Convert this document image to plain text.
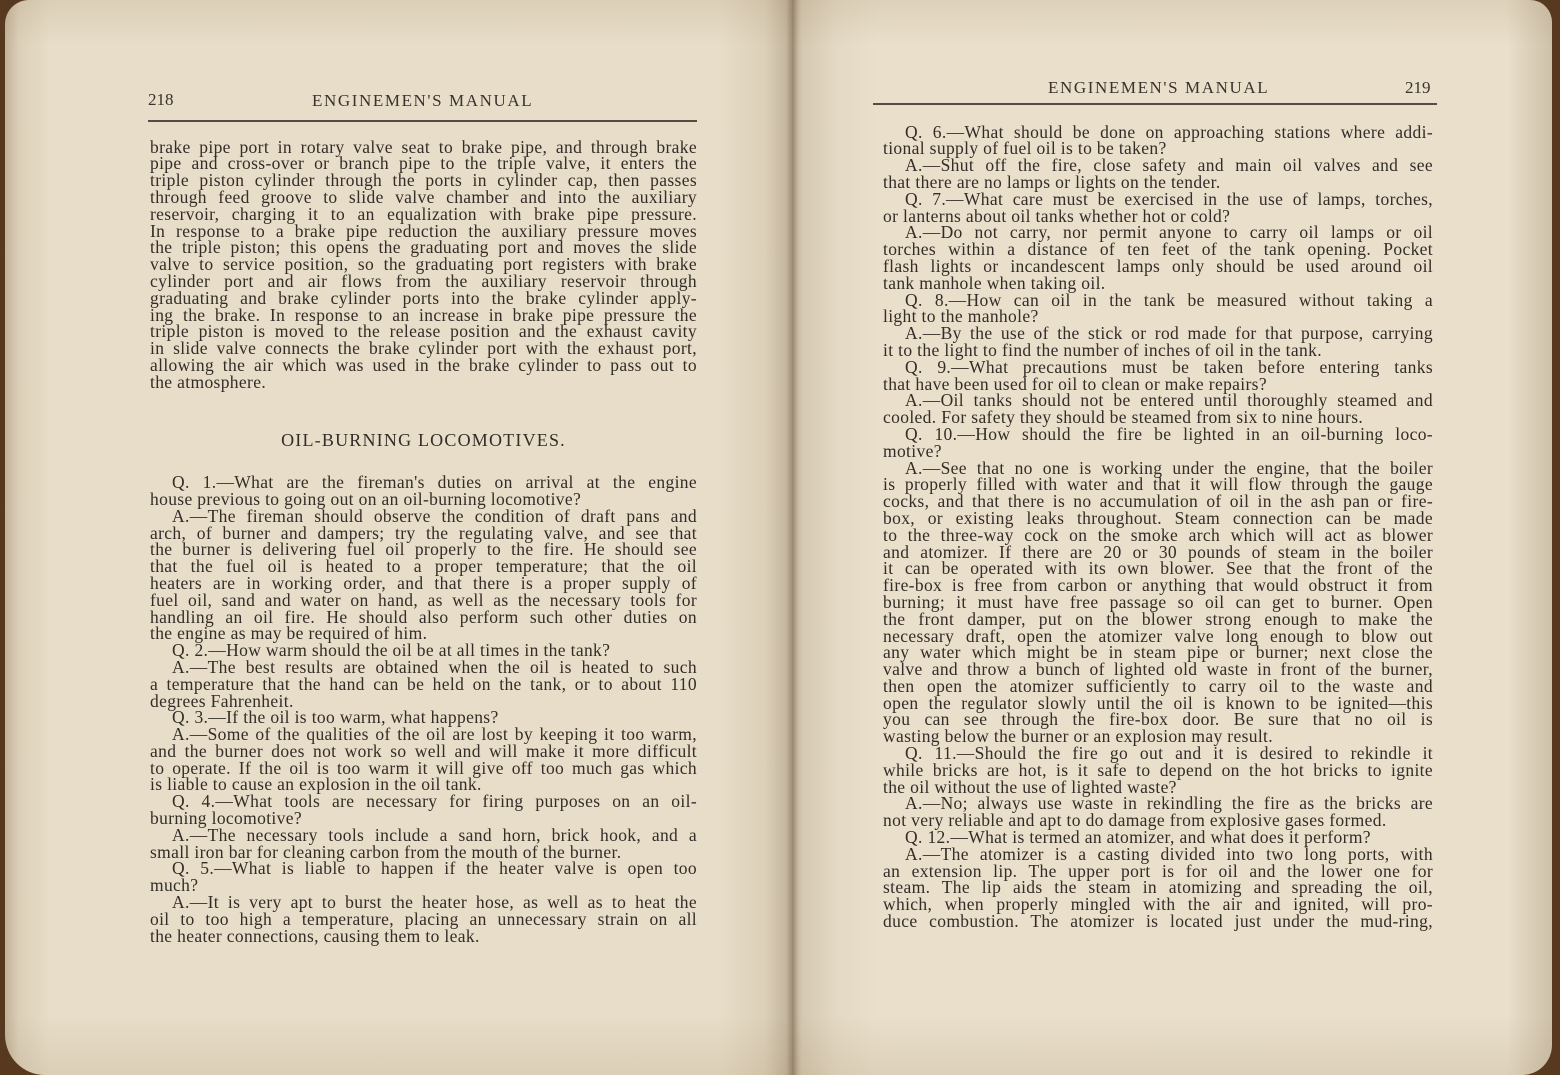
218	ENGINEMEN'S MANUAL
brake pipe port in rotary valve seat to brake pipe, and through brake
pipe and cross-over or branch pipe to the triple valve, it enters the
triple piston cylinder through the ports in cylinder cap, then passes
through feed groove to slide valve chamber and into the auxiliary
reservoir, charging it to an equalization with brake pipe pressure.
In response to a brake pipe reduction the auxiliary pressure moves
the triple piston; this opens the graduating port and moves the slide
valve to service position, so the graduating port registers with brake
cylinder port and air flows from the auxiliary reservoir through
graduating and brake cylinder ports into the brake cylinder apply-
ing the brake. In response to an increase in brake pipe pressure the
triple piston is moved to the release position and the exhaust cavity
in slide valve connects the brake cylinder port with the exhaust port,
allowing the air which was used in the brake cylinder to pass out to
the atmosphere.
OIL-BURNING LOCOMOTIVES.
Q. 1.—What are the fireman's duties on arrival at the engine
house previous to going out on an oil-burning locomotive?
A.—The fireman should observe the condition of draft pans and
arch, of burner and dampers; try the regulating valve, and see that
the burner is delivering fuel oil properly to the fire. He should see
that the fuel oil is heated to a proper temperature; that the oil
heaters are in working order, and that there is a proper supply of
fuel oil, sand and water on hand, as well as the necessary tools for
handling an oil fire. He should also perform such other duties on
the engine as may be required of him.
Q. 2.—How warm should the oil be at all times in the tank?
A.—The best results are obtained when the oil is heated to such
a temperature that the hand can be held on the tank, or to about 110
degrees Fahrenheit.
Q. 3.—If the oil is too warm, what happens?
A.—Some of the qualities of the oil are lost by keeping it too warm,
and the burner does not work so well and will make it more difficult
to operate. If the oil is too warm it will give off too much gas which
is liable to cause an explosion in the oil tank.
Q. 4.—What tools are necessary for firing purposes on an oil-
burning locomotive?
A.—The necessary tools include a sand horn, brick hook, and a
small iron bar for cleaning carbon from the mouth of the burner.
Q. 5.—What is liable to happen if the heater valve is open too
much?
A.—It is very apt to burst the heater hose, as well as to heat the
oil to too high a temperature, placing an unnecessary strain on all
the heater connections, causing them to leak.
ENGINEMEN'S MANUAL	219
Q. 6.—What should be done on approaching stations where addi-
tional supply of fuel oil is to be taken?
A.—Shut off the fire, close safety and main oil valves and see
that there are no lamps or lights on the tender.
Q. 7.—What care must be exercised in the use of lamps, torches,
or lanterns about oil tanks whether hot or cold?
A.—Do not carry, nor permit anyone to carry oil lamps or oil
torches within a distance of ten feet of the tank opening. Pocket
flash lights or incandescent lamps only should be used around oil
tank manhole when taking oil.
Q. 8.—How can oil in the tank be measured without taking a
light to the manhole?
A.—By the use of the stick or rod made for that purpose, carrying
it to the light to find the number of inches of oil in the tank.
Q. 9.—What precautions must be taken before entering tanks
that have been used for oil to clean or make repairs?
A.—Oil tanks should not be entered until thoroughly steamed and
cooled. For safety they should be steamed from six to nine hours.
Q. 10.—How should the fire be lighted in an oil-burning loco-
motive?
A.—See that no one is working under the engine, that the boiler
is properly filled with water and that it will flow through the gauge
cocks, and that there is no accumulation of oil in the ash pan or fire-
box, or existing leaks throughout. Steam connection can be made
to the three-way cock on the smoke arch which will act as blower
and atomizer. If there are 20 or 30 pounds of steam in the boiler
it can be operated with its own blower. See that the front of the
fire-box is free from carbon or anything that would obstruct it from
burning; it must have free passage so oil can get to burner. Open
the front damper, put on the blower strong enough to make the
necessary draft, open the atomizer valve long enough to blow out
any water which might be in steam pipe or burner; next close the
valve and throw a bunch of lighted old waste in front of the burner,
then open the atomizer sufficiently to carry oil to the waste and
open the regulator slowly until the oil is known to be ignited—this
you can see through the fire-box door. Be sure that no oil is
wasting below the burner or an explosion may result.
Q. 11.—Should the fire go out and it is desired to rekindle it
while bricks are hot, is it safe to depend on the hot bricks to ignite
the oil without the use of lighted waste?
A.—No; always use waste in rekindling the fire as the bricks are
not very reliable and apt to do damage from explosive gases formed.
Q. 12.—What is termed an atomizer, and what does it perform?
A.—The atomizer is a casting divided into two long ports, with
an extension lip. The upper port is for oil and the lower one for
steam. The lip aids the steam in atomizing and spreading the oil,
which, when properly mingled with the air and ignited, will pro-
duce combustion. The atomizer is located just under the mud-ring,
